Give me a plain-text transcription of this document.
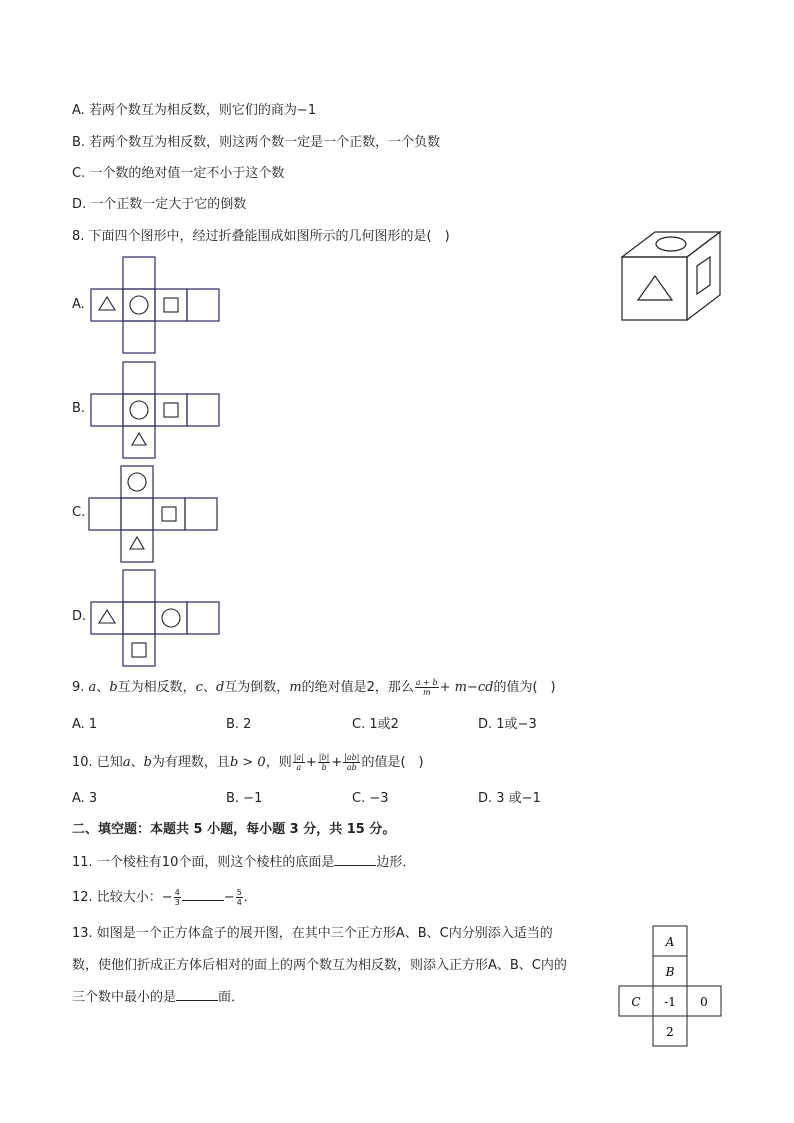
A. 若两个数互为相反数，则它们的商为−1
B. 若两个数互为相反数，则这两个数一定是一个正数，一个负数
C. 一个数的绝对值一定不小于这个数
D. 一个正数一定大于它的倒数
8. 下面四个图形中，经过折叠能围成如图所示的几何图形的是(　)
A.
B.
C.
D.
9. a、b互为相反数，c、d互为倒数，m的绝对值是2，那么 $\frac{a + b}{m} + m-cd$的值为(　)
A. 1	B. 2	C. 1或2	D. 1或−3
10. 已知a、b为有理数，且b > 0，则 $\frac{|a|}{a} + \frac{|b|}{b} + \frac{|ab|}{ab}$ 的值是(　)
A. 3	B. −1	C. −3	D. 3 或−1
二、填空题：本题共 5 小题，每小题 3 分，共 15 分。
11. 一个棱柱有10个面，则这个棱柱的底面是	边形．
12. 比较大小：− $\frac{4}{3}$	− $\frac{5}{4}$ ．
13. 如图是一个正方体盒子的展开图，在其中三个正方形A、B、C内分别添入适当的
数，使他们折成正方体后相对的面上的两个数互为相反数，则添入正方形A、B、C内的
三个数中最小的是	面．
A
B
C -1 0
2
